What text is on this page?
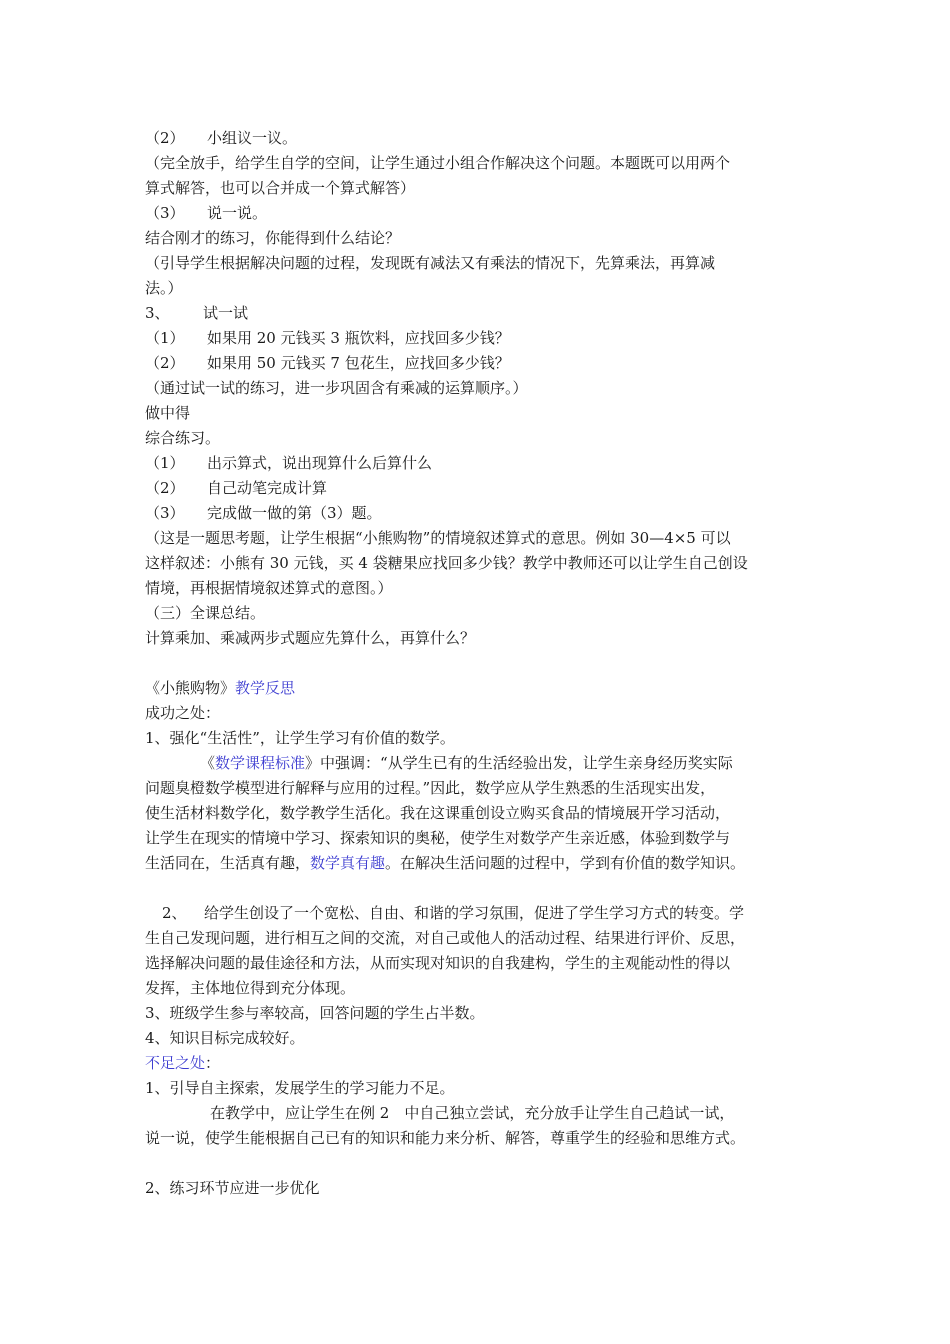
（2） 小组议一议。
（完全放手，给学生自学的空间，让学生通过小组合作解决这个问题。本题既可以用两个
算式解答，也可以合并成一个算式解答）
（3） 说一说。
结合刚才的练习，你能得到什么结论？
（引导学生根据解决问题的过程，发现既有减法又有乘法的情况下，先算乘法，再算减
法。）
3、 试一试
（1） 如果用 20 元钱买 3 瓶饮料，应找回多少钱？
（2） 如果用 50 元钱买 7 包花生，应找回多少钱？
（通过试一试的练习，进一步巩固含有乘减的运算顺序。）
做中得
综合练习。
（1） 出示算式，说出现算什么后算什么
（2） 自己动笔完成计算
（3） 完成做一做的第（3）题。
（这是一题思考题，让学生根据“小熊购物”的情境叙述算式的意思。例如 30—4×5 可以
这样叙述：小熊有 30 元钱，买 4 袋糖果应找回多少钱？教学中教师还可以让学生自己创设
情境，再根据情境叙述算式的意图。）
（三）全课总结。
计算乘加、乘减两步式题应先算什么，再算什么？
《小熊购物》教学反思
成功之处：
1、强化“生活性”，让学生学习有价值的数学。
《数学课程标准》中强调：“从学生已有的生活经验出发，让学生亲身经历奖实际
问题臭橙数学模型进行解释与应用的过程。”因此，数学应从学生熟悉的生活现实出发，
使生活材料数学化，数学教学生活化。我在这课重创设立购买食品的情境展开学习活动，
让学生在现实的情境中学习、探索知识的奥秘，使学生对数学产生亲近感，体验到数学与
生活同在，生活真有趣，数学真有趣。在解决生活问题的过程中，学到有价值的数学知识。
2、 给学生创设了一个宽松、自由、和谐的学习氛围，促进了学生学习方式的转变。学
生自己发现问题，进行相互之间的交流，对自己或他人的活动过程、结果进行评价、反思，
选择解决问题的最佳途径和方法，从而实现对知识的自我建构，学生的主观能动性的得以
发挥，主体地位得到充分体现。
3、班级学生参与率较高，回答问题的学生占半数。
4、知识目标完成较好。
不足之处：
1、引导自主探索，发展学生的学习能力不足。
在教学中，应让学生在例 2　中自己独立尝试，充分放手让学生自己趋试一试，
说一说，使学生能根据自己已有的知识和能力来分析、解答，尊重学生的经验和思维方式。
2、练习环节应进一步优化
